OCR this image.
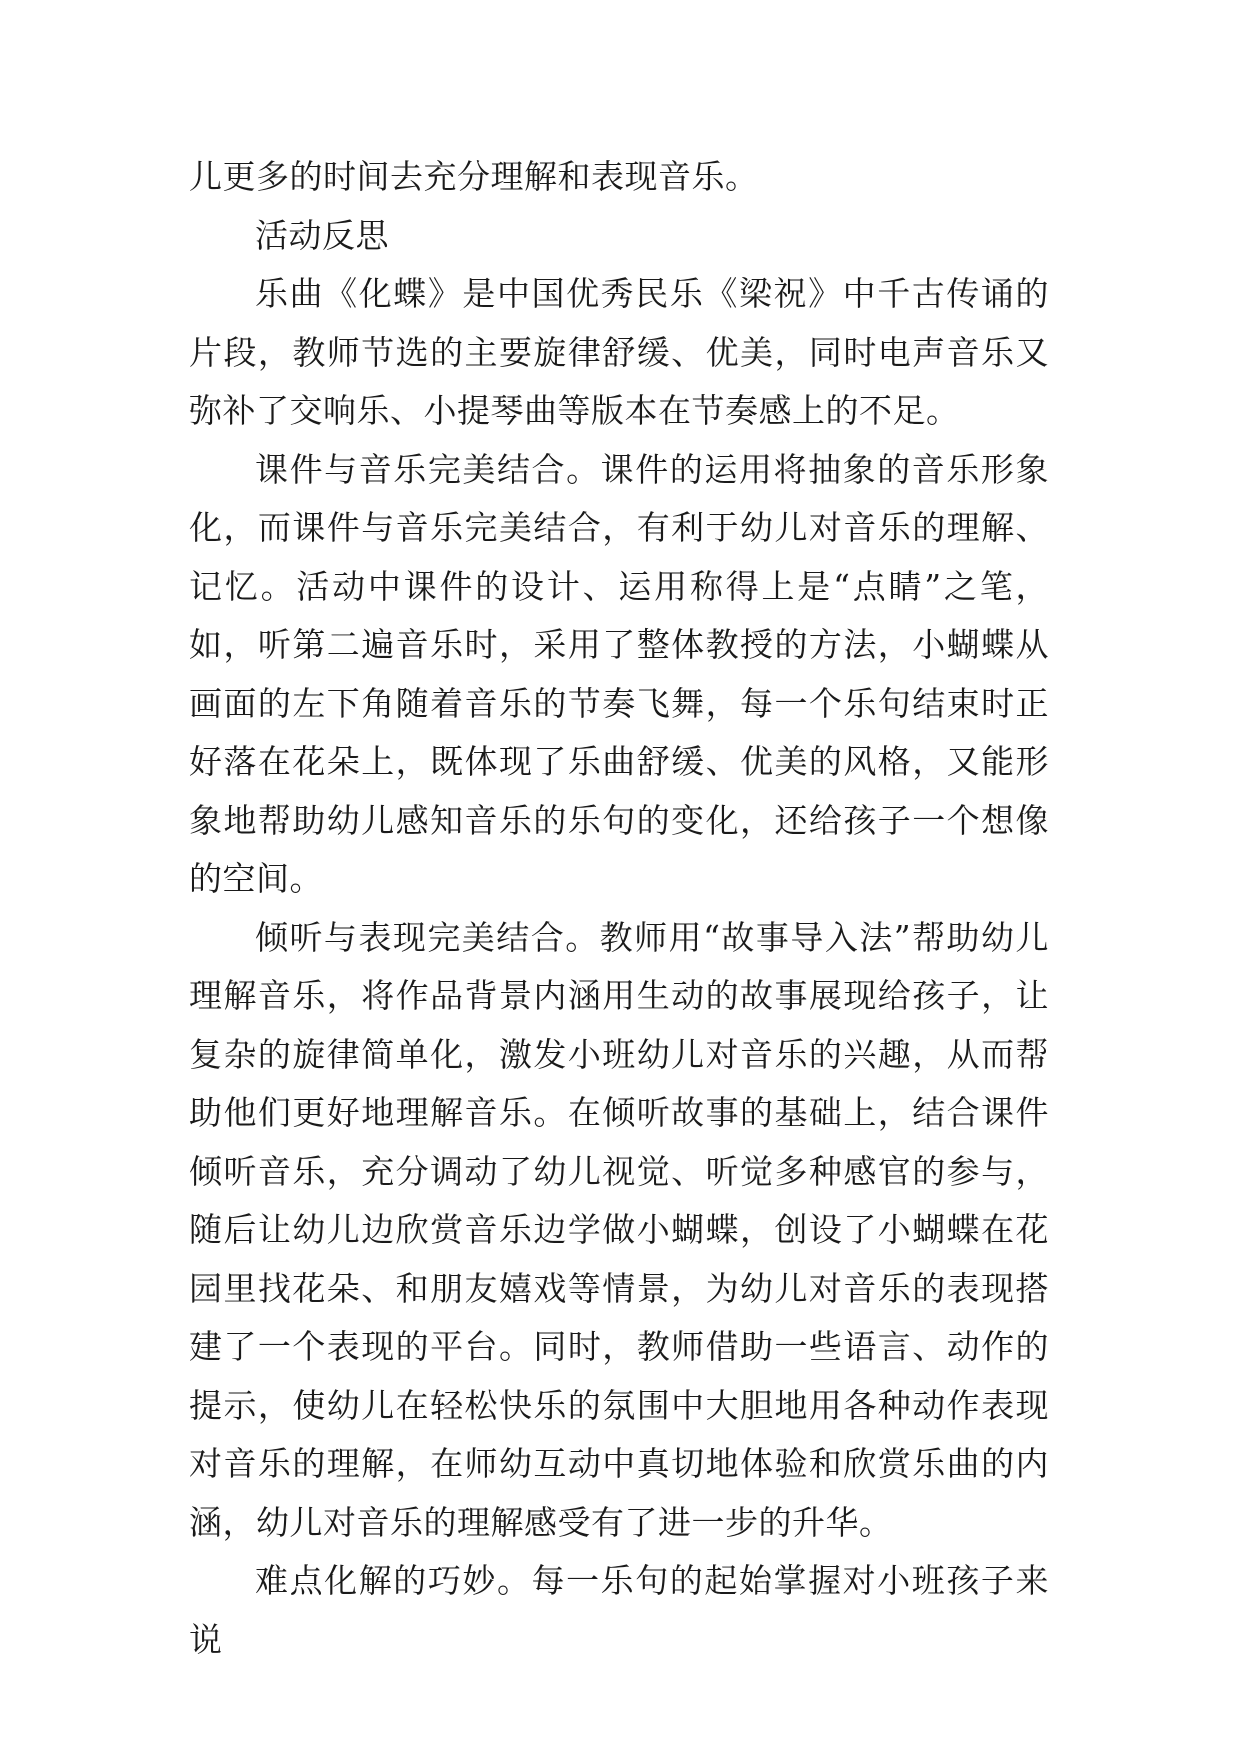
儿更多的时间去充分理解和表现音乐。

活动反思

乐曲《化蝶》是中国优秀民乐《梁祝》中千古传诵的片段，教师节选的主要旋律舒缓、优美，同时电声音乐又弥补了交响乐、小提琴曲等版本在节奏感上的不足。

课件与音乐完美结合。课件的运用将抽象的音乐形象化，而课件与音乐完美结合，有利于幼儿对音乐的理解、记忆。活动中课件的设计、运用称得上是“点睛”之笔，如，听第二遍音乐时，采用了整体教授的方法，小蝴蝶从画面的左下角随着音乐的节奏飞舞，每一个乐句结束时正好落在花朵上，既体现了乐曲舒缓、优美的风格，又能形象地帮助幼儿感知音乐的乐句的变化，还给孩子一个想像的空间。

倾听与表现完美结合。教师用“故事导入法”帮助幼儿理解音乐，将作品背景内涵用生动的故事展现给孩子，让复杂的旋律简单化，激发小班幼儿对音乐的兴趣，从而帮助他们更好地理解音乐。在倾听故事的基础上，结合课件倾听音乐，充分调动了幼儿视觉、听觉多种感官的参与，随后让幼儿边欣赏音乐边学做小蝴蝶，创设了小蝴蝶在花园里找花朵、和朋友嬉戏等情景，为幼儿对音乐的表现搭建了一个表现的平台。同时，教师借助一些语言、动作的提示，使幼儿在轻松快乐的氛围中大胆地用各种动作表现对音乐的理解，在师幼互动中真切地体验和欣赏乐曲的内涵，幼儿对音乐的理解感受有了进一步的升华。

难点化解的巧妙。每一乐句的起始掌握对小班孩子来说
